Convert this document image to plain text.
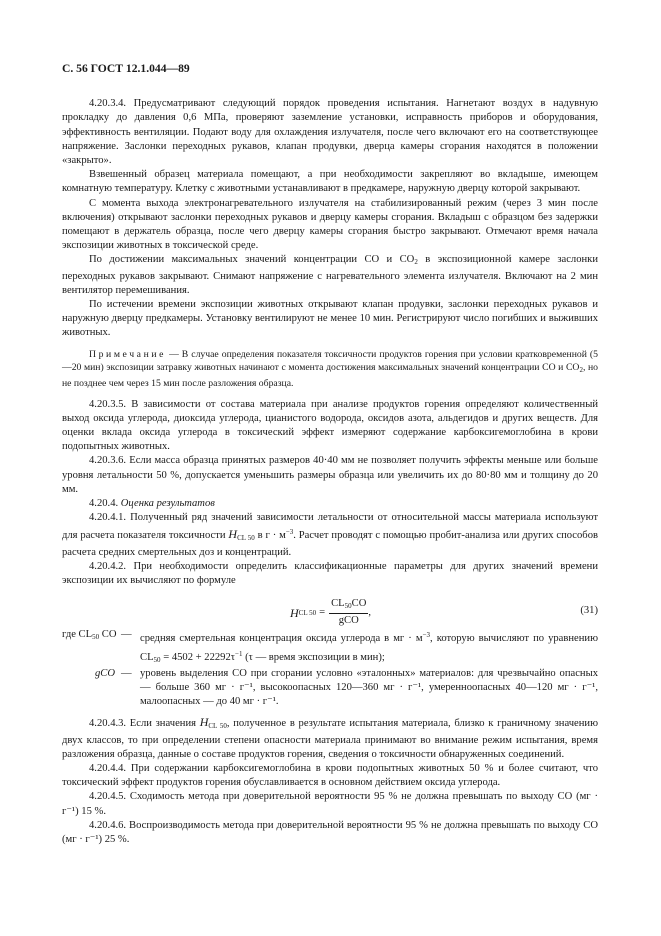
С. 56 ГОСТ 12.1.044—89

4.20.3.4. Предусматривают следующий порядок проведения испытания. Нагнетают воздух в надувную прокладку до давления 0,6 МПа, проверяют заземление установки, исправность приборов и оборудования, эффективность вентиляции. Подают воду для охлаждения излучателя, после чего включают его на соответствующее напряжение. Заслонки переходных рукавов, клапан продувки, дверца камеры сгорания находятся в положении «закрыто».

Взвешенный образец материала помещают, а при необходимости закрепляют во вкладыше, имеющем комнатную температуру. Клетку с животными устанавливают в предкамере, наружную дверцу которой закрывают.

С момента выхода электронагревательного излучателя на стабилизированный режим (через 3 мин после включения) открывают заслонки переходных рукавов и дверцу камеры сгорания. Вкладыш с образцом без задержки помещают в держатель образца, после чего дверцу камеры сгорания быстро закрывают. Отмечают время начала экспозиции животных в токсической среде.

По достижении максимальных значений концентрации CO и $CO_2$ в экспозиционной камере заслонки переходных рукавов закрывают. Снимают напряжение с нагревательного элемента излучателя. Включают на 2 мин вентилятор перемешивания.

По истечении времени экспозиции животных открывают клапан продувки, заслонки переходных рукавов и наружную дверцу предкамеры. Установку вентилируют не менее 10 мин. Регистрируют число погибших и выживших животных.

Примечание — В случае определения показателя токсичности продуктов горения при условии кратковременной (5—20 мин) экспозиции затравку животных начинают с момента достижения максимальных значений концентрации CO и $CO_2$, но не позднее чем через 15 мин после разложения образца.

4.20.3.5. В зависимости от состава материала при анализе продуктов горения определяют количественный выход оксида углерода, диоксида углерода, цианистого водорода, оксидов азота, альдегидов и других веществ. Для оценки вклада оксида углерода в токсический эффект измеряют содержание карбоксигемоглобина в крови подопытных животных.

4.20.3.6. Если масса образца принятых размеров 40·40 мм не позволяет получить эффекты меньше или больше уровня летальности 50 %, допускается уменьшить размеры образца или увеличить их до 80·80 мм и толщину до 20 мм.

4.20.4. Оценка результатов

4.20.4.1. Полученный ряд значений зависимости летальности от относительной массы материала используют для расчета показателя токсичности $H_{CL 50}$ в $г \cdot м^{-3}$. Расчет проводят с помощью пробит-анализа или других способов расчета средних смертельных доз и концентраций.

4.20.4.2. При необходимости определить классификационные параметры для других значений времени экспозиции их вычисляют по формуле

H CL $50 = \frac{CL_{50}CO}{\text{gCO}}$ ,	(31)
где $CL_{50}$ CO — средняя смертельная концентрация оксида углерода в мг · $м^{-3}$, которую вычисляют по уравнению $CL_{50} = 4502 + 22292\tau^{-1}$ (τ — время экспозиции в мин);
gCO — уровень выделения CO при сгорании условно «эталонных» материалов: для чрезвычайно опасных — больше 360 мг · г⁻¹, высокоопасных 120—360 мг · г⁻¹, умеренноопасных 40—120 мг · г⁻¹, малоопасных — до 40 мг · г⁻¹.

4.20.4.3. Если значения $H_{CL 50}$, полученное в результате испытания материала, близко к граничному значению двух классов, то при определении степени опасности материала принимают во внимание режим испытания, время разложения образца, данные о составе продуктов горения, сведения о токсичности обнаруженных соединений.

4.20.4.4. При содержании карбоксигемоглобина в крови подопытных животных 50 % и более считают, что токсический эффект продуктов горения обуславливается в основном действием оксида углерода.

4.20.4.5. Сходимость метода при доверительной вероятности 95 % не должна превышать по выходу CO (мг · г⁻¹) 15 %.

4.20.4.6. Воспроизводимость метода при доверительной вероятности 95 % не должна превышать по выходу CO (мг · г⁻¹) 25 %.
